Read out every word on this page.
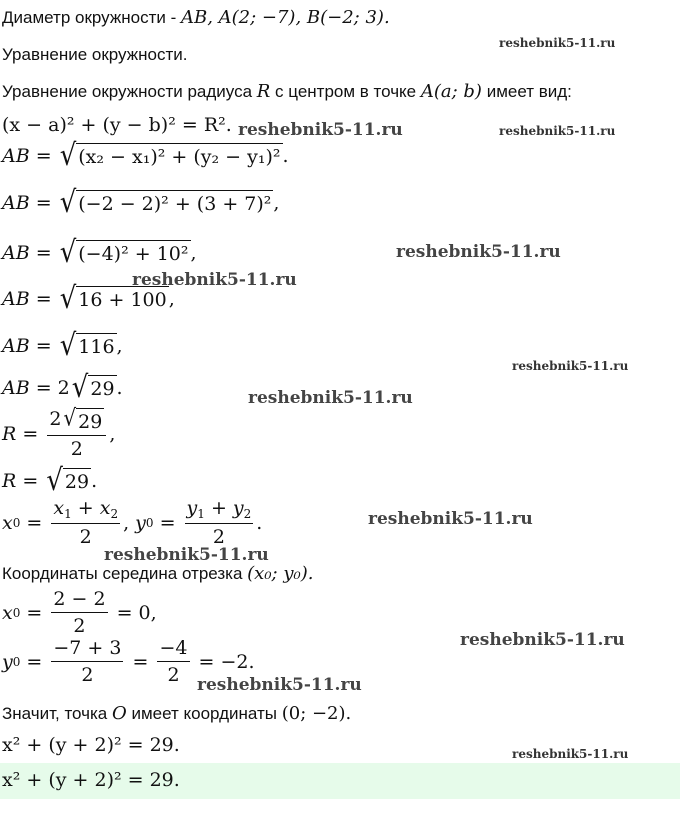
Диаметр окружности - AB, A(2; −7), B(−2; 3).
Уравнение окружности.
Уравнение окружности радиуса R с центром в точке A(a; b) имеет вид:
(x − a)² + (y − b)² = R².
AB = √ (x₂ − x₁)² + (y₂ − y₁)² .
AB = √ (−2 − 2)² + (3 + 7)² ,
AB = √ (−4)² + 10² ,
AB = √ 16 + 100 ,
AB = √ 116 ,
AB = 2 √ 29 .
$R = \frac{2 √ 29}{2}$ ,
R = √ 29 .
x $0 = \frac{x_1 + x_2}{2}$ , y $0 = \frac{y_1 + y_2}{2}$ .
Координаты середина отрезка (x₀; y₀).
x $0 = \frac{2 - 2}{2}$
= 0,
y $0 = \frac{-7 + 3}{2} = \frac{-4}{2}$
= −2.
Значит, точка O имеет координаты (0; −2).
x² + (y + 2)² = 29.
x² + (y + 2)² = 29.
reshebnik5-11.ru
reshebnik5-11.ru	reshebnik5-11.ru
reshebnik5-11.ru
reshebnik5-11.ru
reshebnik5-11.ru
reshebnik5-11.ru
reshebnik5-11.ru
reshebnik5-11.ru
reshebnik5-11.ru
reshebnik5-11.ru
reshebnik5-11.ru
